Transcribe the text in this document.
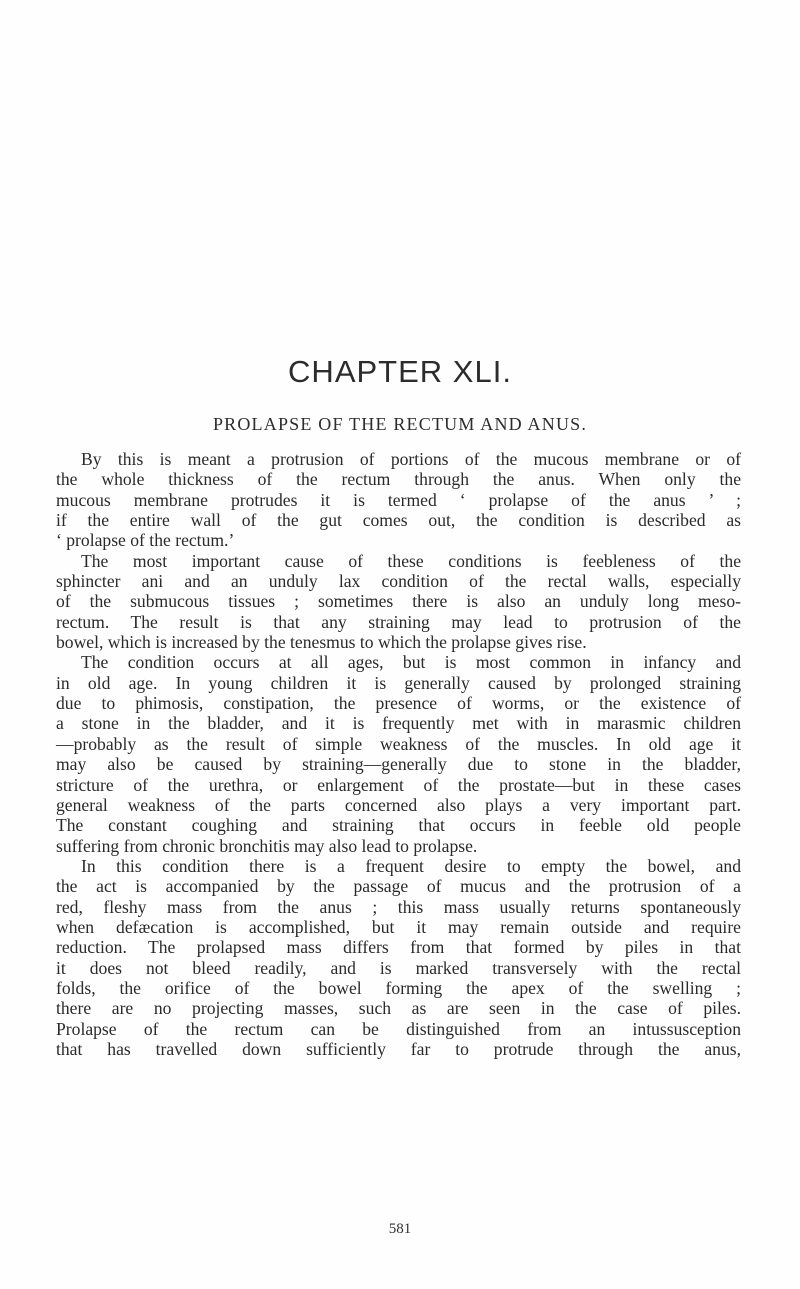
CHAPTER XLI.
PROLAPSE OF THE RECTUM AND ANUS.
By this is meant a protrusion of portions of the mucous membrane or of
the whole thickness of the rectum through the anus. When only the
mucous membrane protrudes it is termed ‘ prolapse of the anus ’ ;
if the entire wall of the gut comes out, the condition is described as
‘ prolapse of the rectum.’
The most important cause of these conditions is feebleness of the
sphincter ani and an unduly lax condition of the rectal walls, especially
of the submucous tissues ; sometimes there is also an unduly long meso-
rectum. The result is that any straining may lead to protrusion of the
bowel, which is increased by the tenesmus to which the prolapse gives rise.
The condition occurs at all ages, but is most common in infancy and
in old age. In young children it is generally caused by prolonged straining
due to phimosis, constipation, the presence of worms, or the existence of
a stone in the bladder, and it is frequently met with in marasmic children
—probably as the result of simple weakness of the muscles. In old age it
may also be caused by straining—generally due to stone in the bladder,
stricture of the urethra, or enlargement of the prostate—but in these cases
general weakness of the parts concerned also plays a very important part.
The constant coughing and straining that occurs in feeble old people
suffering from chronic bronchitis may also lead to prolapse.
In this condition there is a frequent desire to empty the bowel, and
the act is accompanied by the passage of mucus and the protrusion of a
red, fleshy mass from the anus ; this mass usually returns spontaneously
when defæcation is accomplished, but it may remain outside and require
reduction. The prolapsed mass differs from that formed by piles in that
it does not bleed readily, and is marked transversely with the rectal
folds, the orifice of the bowel forming the apex of the swelling ;
there are no projecting masses, such as are seen in the case of piles.
Prolapse of the rectum can be distinguished from an intussusception
that has travelled down sufficiently far to protrude through the anus,
581
